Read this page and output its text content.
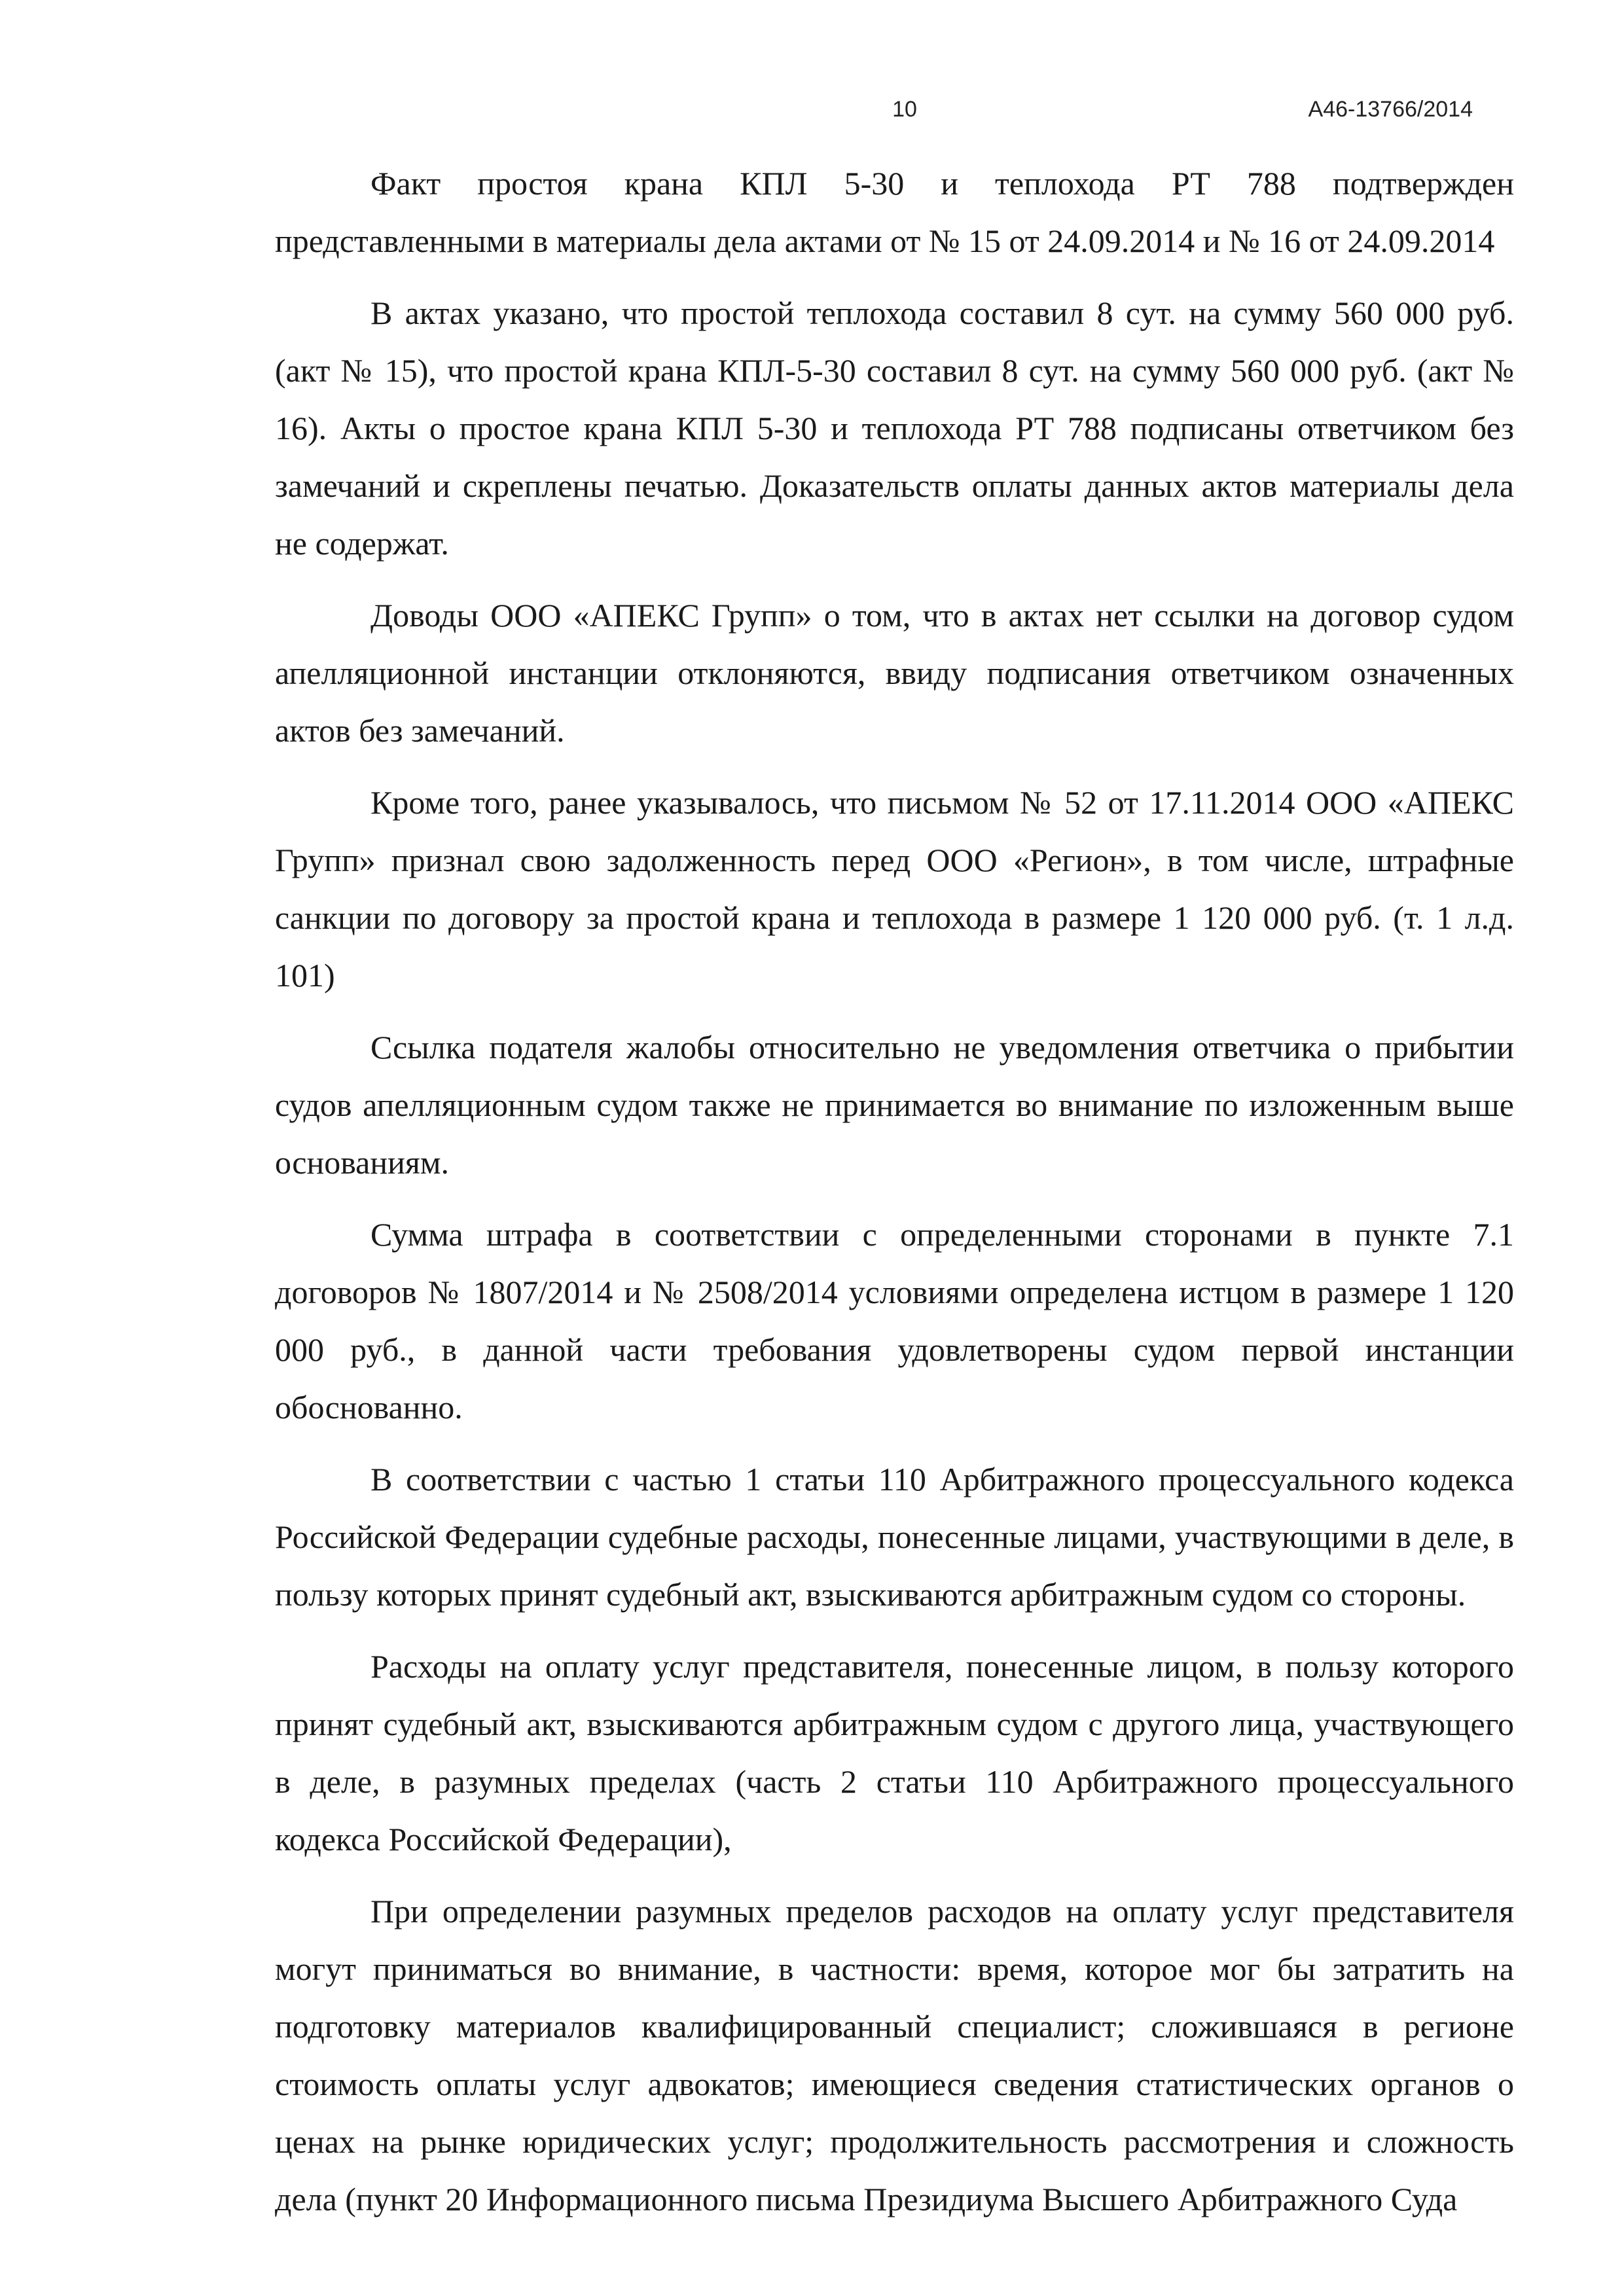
10	А46-13766/2014

Факт простоя крана КПЛ 5-30 и теплохода РТ 788 подтвержден представленными в материалы дела актами от № 15 от 24.09.2014 и № 16 от 24.09.2014

В актах указано, что простой теплохода составил 8 сут. на сумму 560 000 руб. (акт № 15), что простой крана КПЛ-5-30 составил 8 сут. на сумму 560 000 руб. (акт № 16). Акты о простое крана КПЛ 5-30 и теплохода РТ 788 подписаны ответчиком без замечаний и скреплены печатью. Доказательств оплаты данных актов материалы дела не содержат.

Доводы ООО «АПЕКС Групп» о том, что в актах нет ссылки на договор судом апелляционной инстанции отклоняются, ввиду подписания ответчиком означенных актов без замечаний.

Кроме того, ранее указывалось, что письмом № 52 от 17.11.2014 ООО «АПЕКС Групп» признал свою задолженность перед ООО «Регион», в том числе, штрафные санкции по договору за простой крана и теплохода в размере 1 120 000 руб. (т. 1 л.д. 101)

Ссылка подателя жалобы относительно не уведомления ответчика о прибытии судов апелляционным судом также не принимается во внимание по изложенным выше основаниям.

Сумма штрафа в соответствии с определенными сторонами в пункте 7.1 договоров № 1807/2014 и № 2508/2014 условиями определена истцом в размере 1 120 000 руб., в данной части требования удовлетворены судом первой инстанции обоснованно.

В соответствии с частью 1 статьи 110 Арбитражного процессуального кодекса Российской Федерации судебные расходы, понесенные лицами, участвующими в деле, в пользу которых принят судебный акт, взыскиваются арбитражным судом со стороны.

Расходы на оплату услуг представителя, понесенные лицом, в пользу которого принят судебный акт, взыскиваются арбитражным судом с другого лица, участвующего в деле, в разумных пределах (часть 2 статьи 110 Арбитражного процессуального кодекса Российской Федерации),

При определении разумных пределов расходов на оплату услуг представителя могут приниматься во внимание, в частности: время, которое мог бы затратить на подготовку материалов квалифицированный специалист; сложившаяся в регионе стоимость оплаты услуг адвокатов; имеющиеся сведения статистических органов о ценах на рынке юридических услуг; продолжительность рассмотрения и сложность дела (пункт 20 Информационного письма Президиума Высшего Арбитражного Суда
